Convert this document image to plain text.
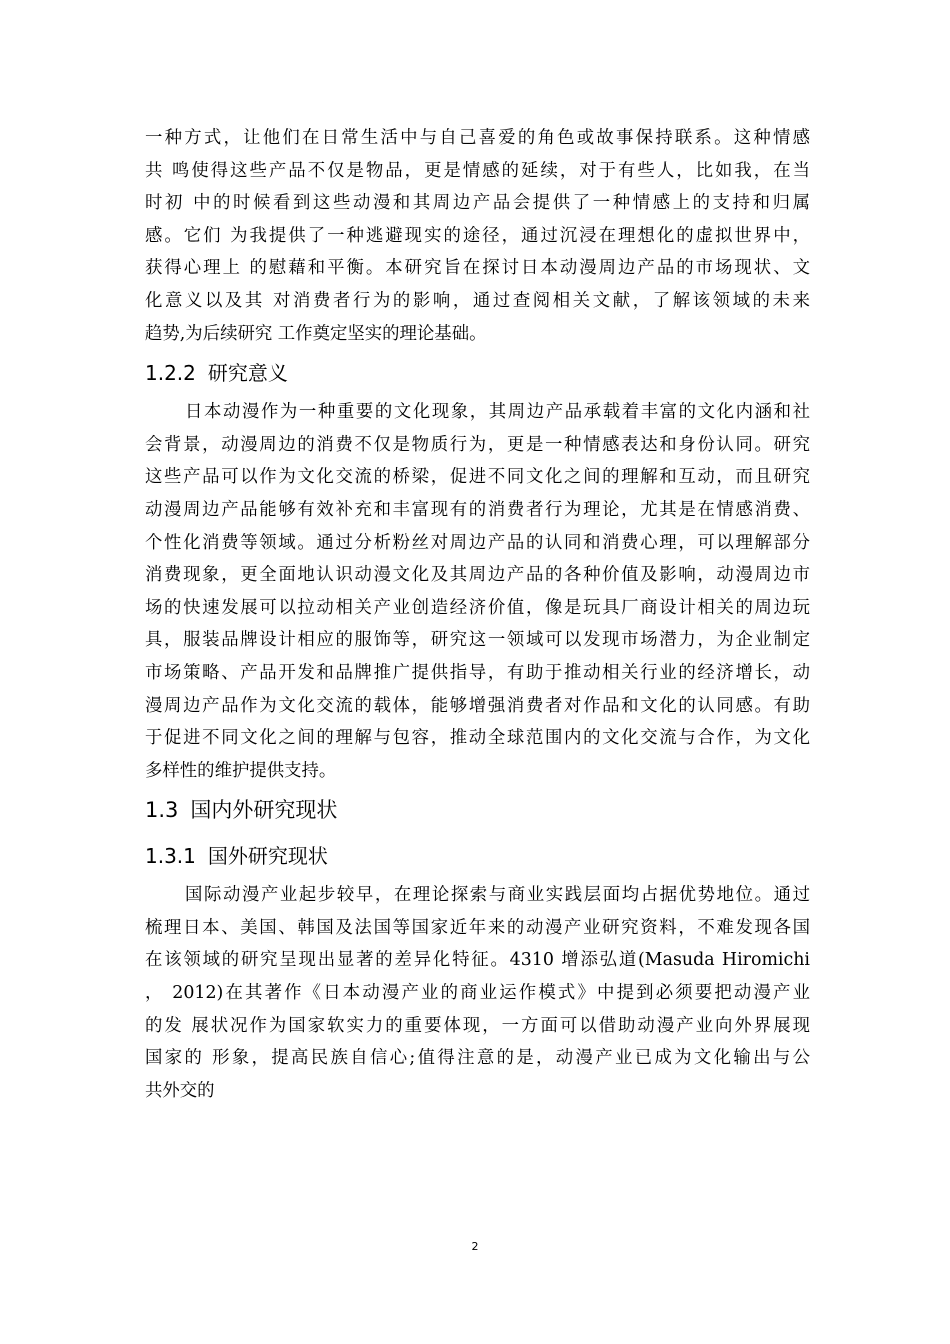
一种方式，让他们在日常生活中与自己喜爱的角色或故事保持联系。这种情感
共 鸣使得这些产品不仅是物品，更是情感的延续，对于有些人，比如我，在当
时初 中的时候看到这些动漫和其周边产品会提供了一种情感上的支持和归属
感。它们 为我提供了一种逃避现实的途径，通过沉浸在理想化的虚拟世界中，
获得心理上 的慰藉和平衡。本研究旨在探讨日本动漫周边产品的市场现状、文
化意义以及其 对消费者行为的影响，通过查阅相关文献，了解该领域的未来
趋势,为后续研究 工作奠定坚实的理论基础。
1.2.2 研究意义
日本动漫作为一种重要的文化现象，其周边产品承载着丰富的文化内涵和社
会背景，动漫周边的消费不仅是物质行为，更是一种情感表达和身份认同。研究
这些产品可以作为文化交流的桥梁，促进不同文化之间的理解和互动，而且研究
动漫周边产品能够有效补充和丰富现有的消费者行为理论，尤其是在情感消费、
个性化消费等领域。通过分析粉丝对周边产品的认同和消费心理，可以理解部分
消费现象，更全面地认识动漫文化及其周边产品的各种价值及影响，动漫周边市
场的快速发展可以拉动相关产业创造经济价值，像是玩具厂商设计相关的周边玩
具，服装品牌设计相应的服饰等，研究这一领域可以发现市场潜力，为企业制定
市场策略、产品开发和品牌推广提供指导，有助于推动相关行业的经济增长，动
漫周边产品作为文化交流的载体，能够增强消费者对作品和文化的认同感。有助
于促进不同文化之间的理解与包容，推动全球范围内的文化交流与合作，为文化
多样性的维护提供支持。
1.3 国内外研究现状
1.3.1 国外研究现状
国际动漫产业起步较早，在理论探索与商业实践层面均占据优势地位。通过
梳理日本、美国、韩国及法国等国家近年来的动漫产业研究资料，不难发现各国
在该领域的研究呈现出显著的差异化特征。4310 增添弘道(Masuda Hiromichi
， 2012)在其著作《日本动漫产业的商业运作模式》中提到必须要把动漫产业
的发 展状况作为国家软实力的重要体现，一方面可以借助动漫产业向外界展现
国家的 形象，提高民族自信心;值得注意的是，动漫产业已成为文化输出与公
共外交的
2
